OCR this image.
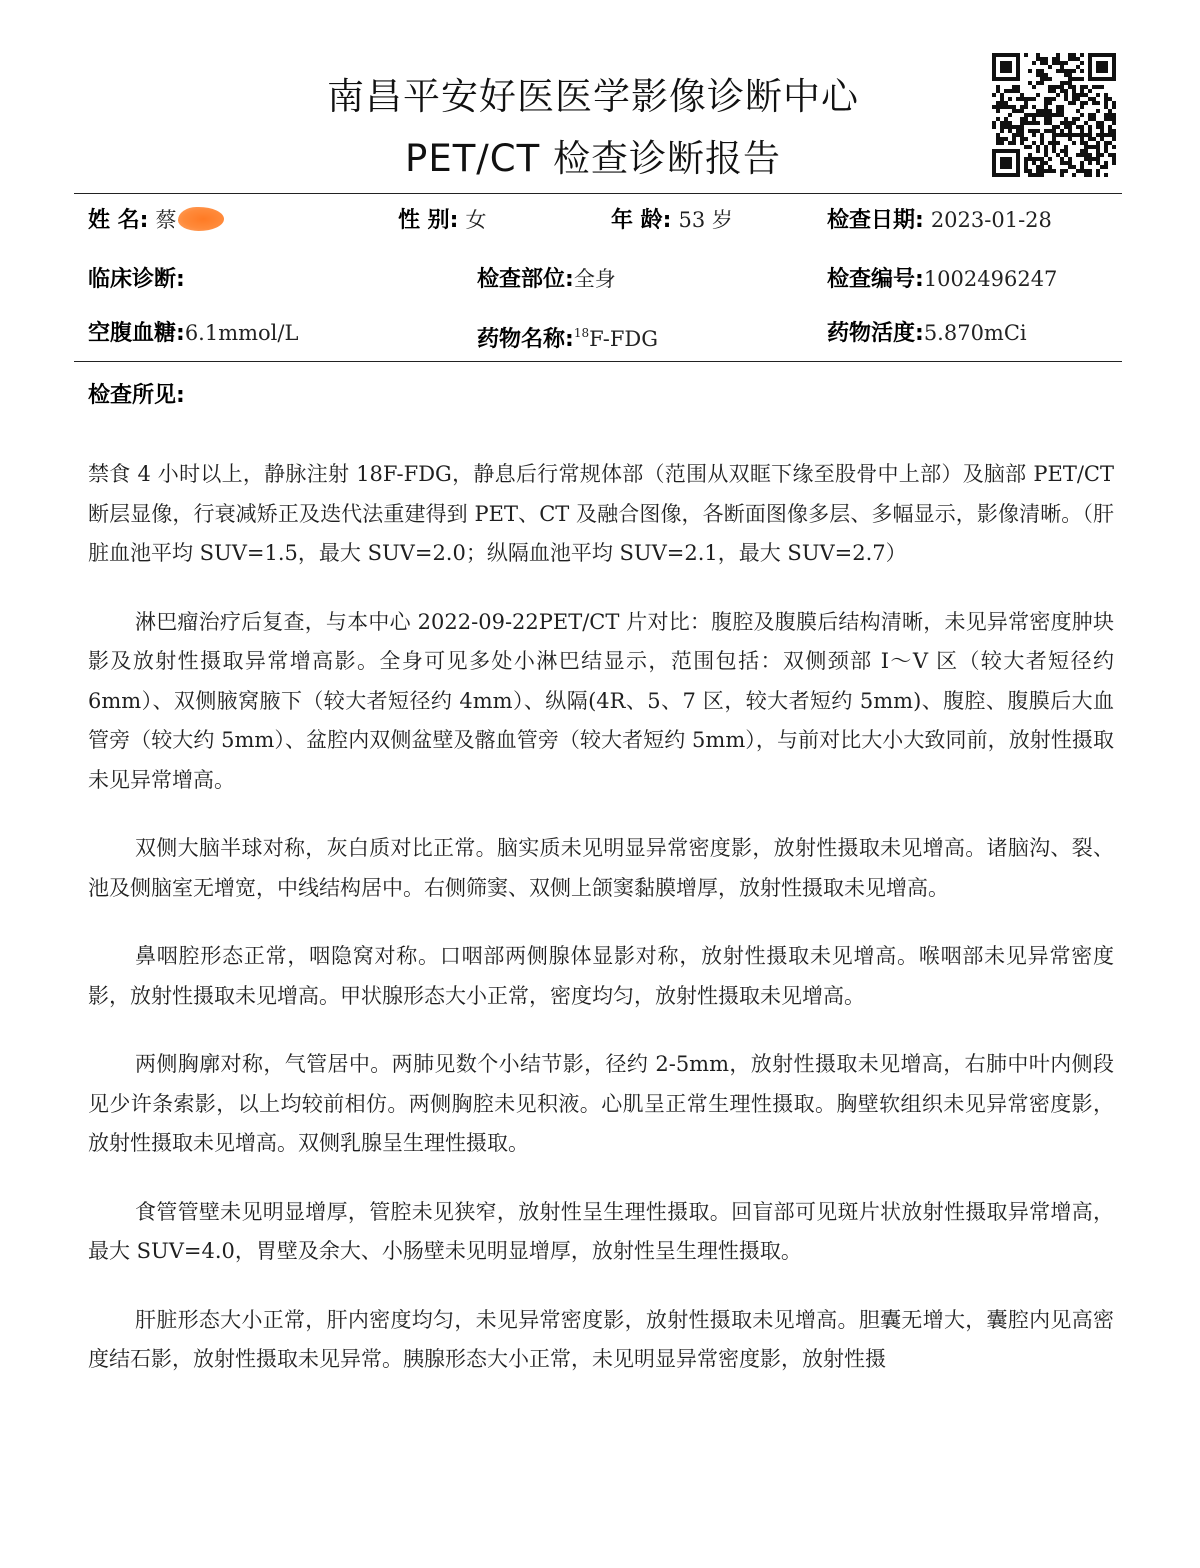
南昌平安好医医学影像诊断中心
PET/CT 检查诊断报告
姓 名: 蔡	性 别: 女	年 龄: 53 岁	检查日期: 2023-01-28
临床诊断:	检查部位:全身	检查编号:1002496247
空腹血糖:6.1mmol/L	药物名称:$^{18}$F-FDG	药物活度:5.870mCi
检查所见:

禁食 4 小时以上，静脉注射 18F-FDG，静息后行常规体部（范围从双眶下缘至股骨中上部）及脑部 PET/CT 断层显像，行衰减矫正及迭代法重建得到 PET、CT 及融合图像，各断面图像多层、多幅显示，影像清晰。（肝脏血池平均 SUV=1.5，最大 SUV=2.0；纵隔血池平均 SUV=2.1，最大 SUV=2.7）

淋巴瘤治疗后复查，与本中心 2022-09-22PET/CT 片对比：腹腔及腹膜后结构清晰，未见异常密度肿块影及放射性摄取异常增高影。全身可见多处小淋巴结显示，范围包括：双侧颈部 I～V 区（较大者短径约 6mm）、双侧腋窝腋下（较大者短径约 4mm）、纵隔(4R、5、7 区，较大者短约 5mm)、腹腔、腹膜后大血管旁（较大约 5mm）、盆腔内双侧盆壁及髂血管旁（较大者短约 5mm），与前对比大小大致同前，放射性摄取未见异常增高。

双侧大脑半球对称，灰白质对比正常。脑实质未见明显异常密度影，放射性摄取未见增高。诸脑沟、裂、池及侧脑室无增宽，中线结构居中。右侧筛窦、双侧上颌窦黏膜增厚，放射性摄取未见增高。

鼻咽腔形态正常，咽隐窝对称。口咽部两侧腺体显影对称，放射性摄取未见增高。喉咽部未见异常密度影，放射性摄取未见增高。甲状腺形态大小正常，密度均匀，放射性摄取未见增高。

两侧胸廓对称，气管居中。两肺见数个小结节影，径约 2-5mm，放射性摄取未见增高，右肺中叶内侧段见少许条索影，以上均较前相仿。两侧胸腔未见积液。心肌呈正常生理性摄取。胸壁软组织未见异常密度影，放射性摄取未见增高。双侧乳腺呈生理性摄取。

食管管壁未见明显增厚，管腔未见狭窄，放射性呈生理性摄取。回盲部可见斑片状放射性摄取异常增高，最大 SUV=4.0，胃壁及余大、小肠壁未见明显增厚，放射性呈生理性摄取。

肝脏形态大小正常，肝内密度均匀，未见异常密度影，放射性摄取未见增高。胆囊无增大，囊腔内见高密度结石影，放射性摄取未见异常。胰腺形态大小正常，未见明显异常密度影，放射性摄
